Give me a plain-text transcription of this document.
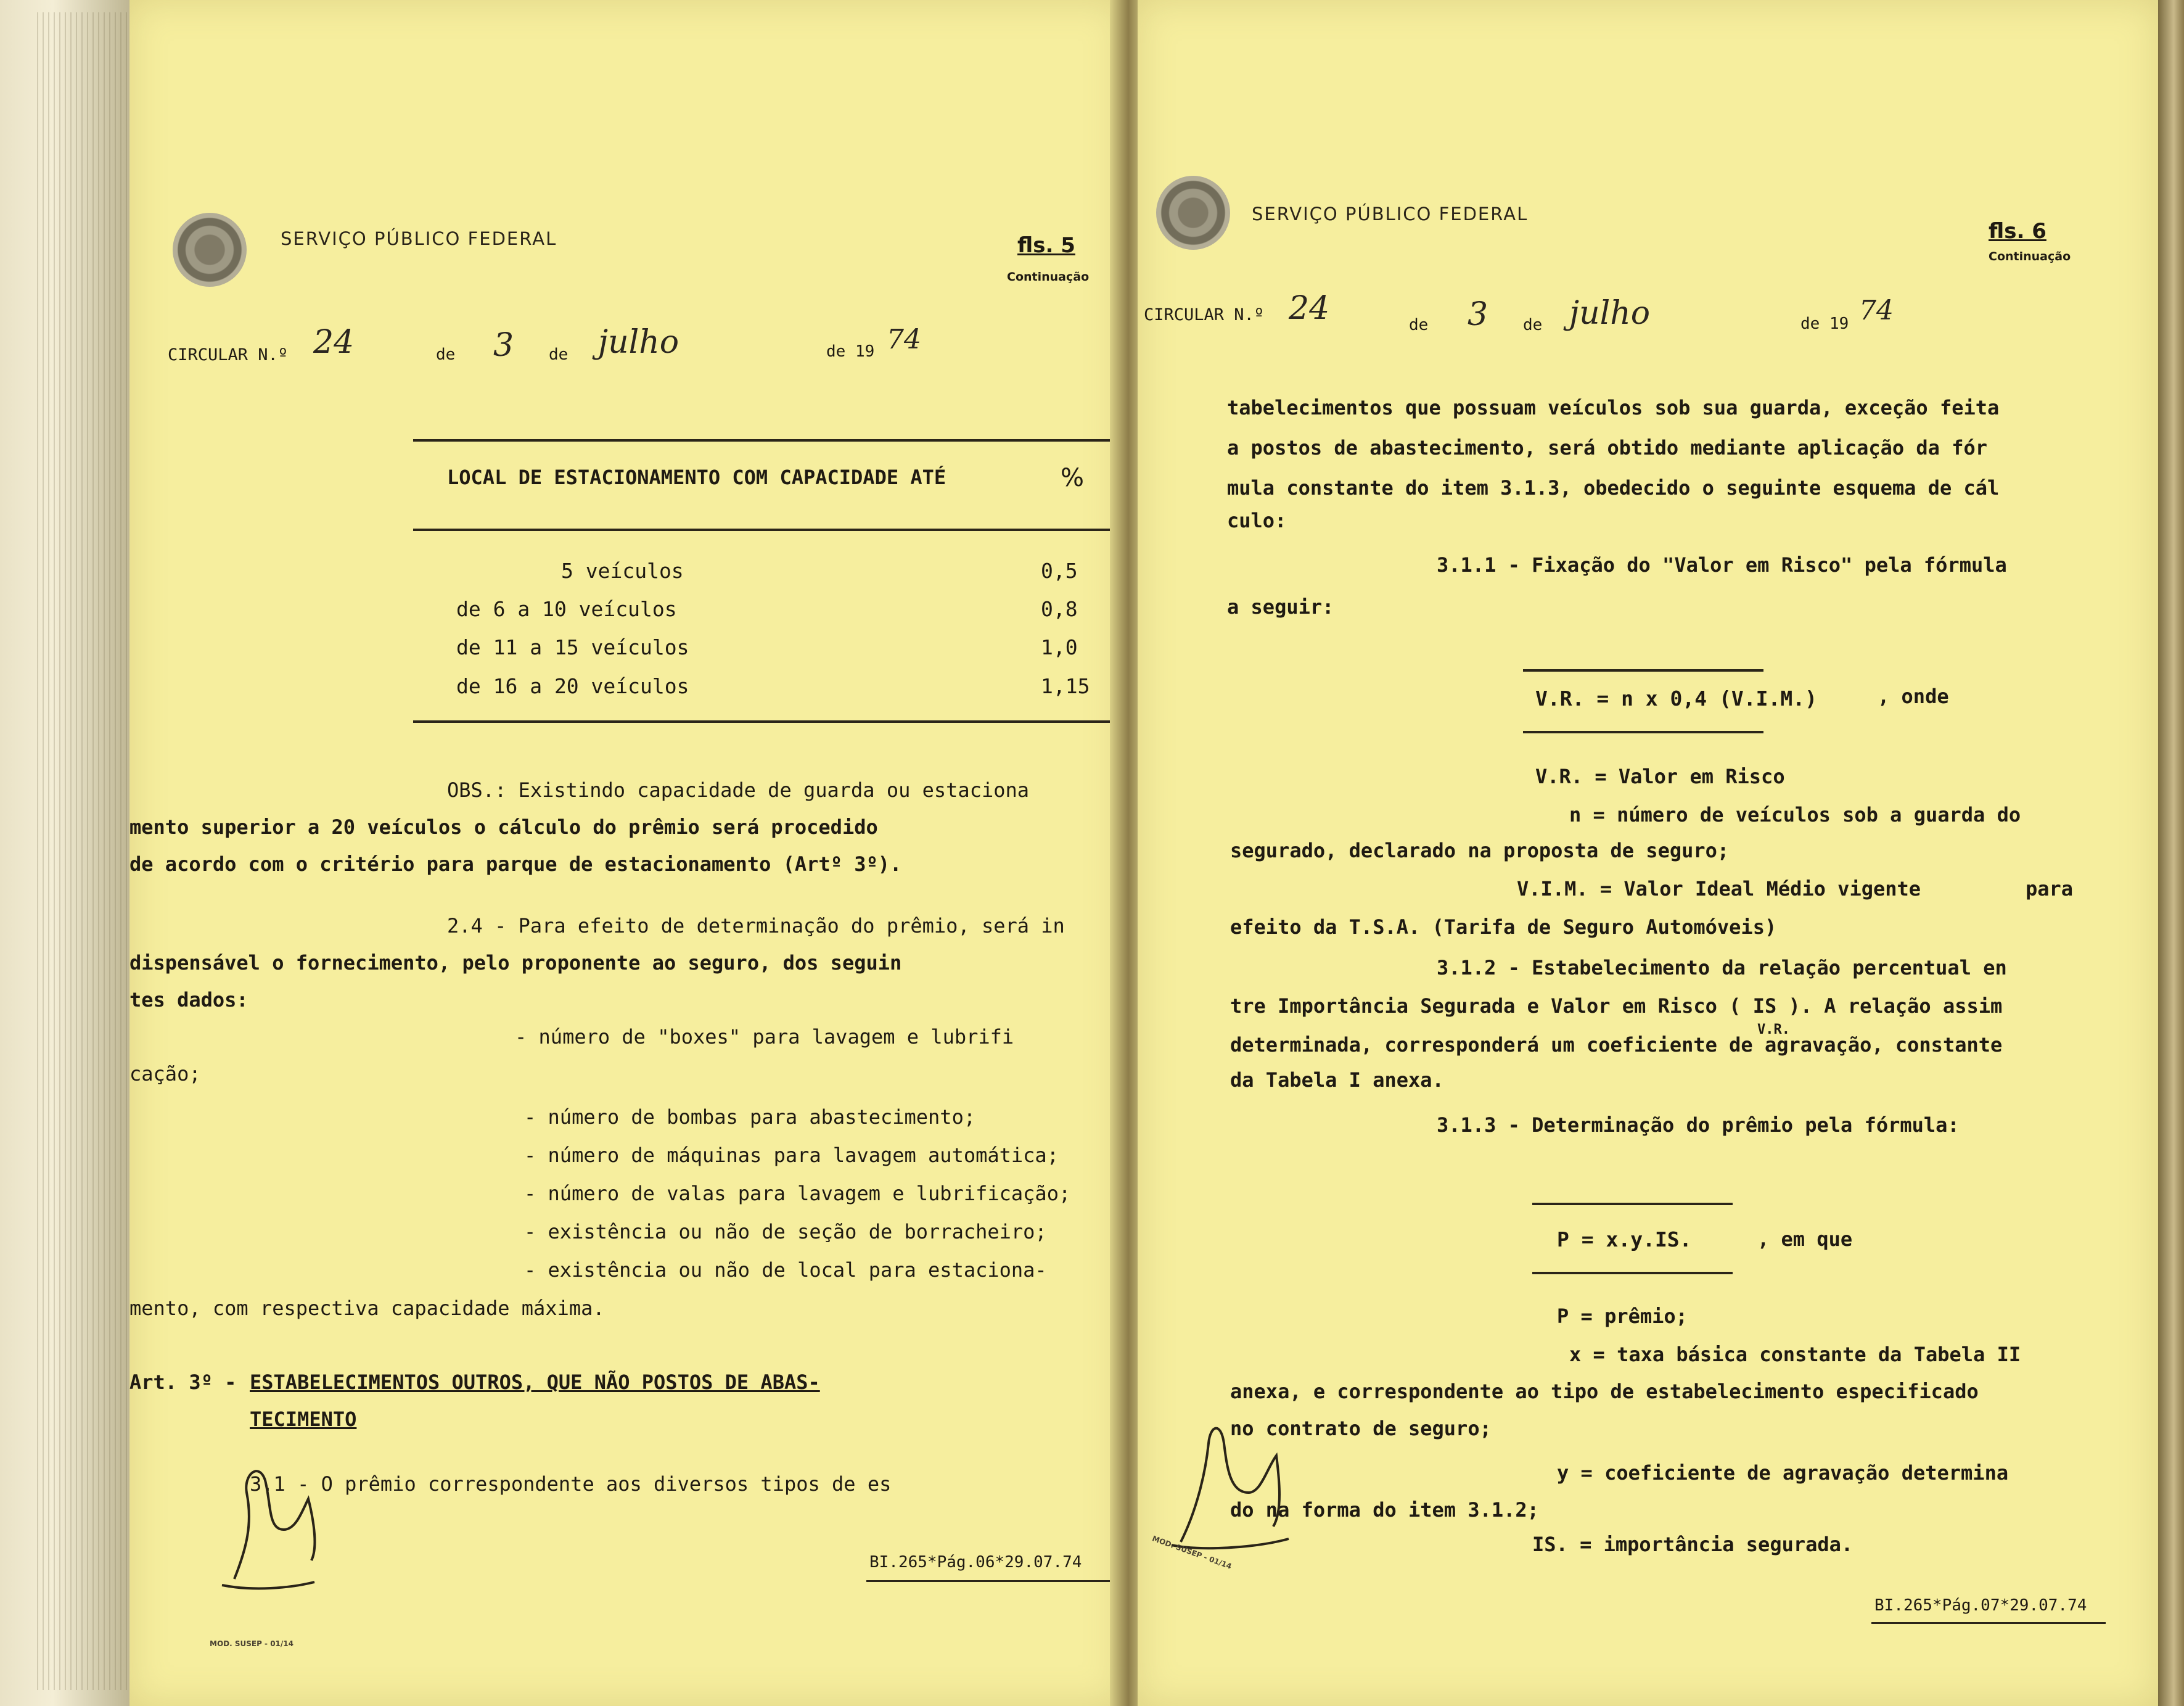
SERVIÇO PÚBLICO FEDERAL	fls. 5
Continuação
CIRCULAR N.º 24	de 3 de julho	de 19 74
LOCAL DE ESTACIONAMENTO COM CAPACIDADE ATÉ	%
5 veículos	0,5
de 6 a 10 veículos	0,8
de 11 a 15 veículos	1,0
de 16 a 20 veículos	1,15
OBS.: Existindo capacidade de guarda ou estaciona
mento superior a 20 veículos o cálculo do prêmio será procedido
de acordo com o critério para parque de estacionamento (Artº 3º).
2.4 - Para efeito de determinação do prêmio, será in
dispensável o fornecimento, pelo proponente ao seguro, dos seguin
tes dados:
- número de "boxes" para lavagem e lubrifi
cação;
- número de bombas para abastecimento;
- número de máquinas para lavagem automática;
- número de valas para lavagem e lubrificação;
- existência ou não de seção de borracheiro;
- existência ou não de local para estaciona-
mento, com respectiva capacidade máxima.
Art. 3º - ESTABELECIMENTOS OUTROS, QUE NÃO POSTOS DE ABAS-
TECIMENTO
3.1 - O prêmio correspondente aos diversos tipos de es
BI.265*Pág.06*29.07.74
MOD. SUSEP - 01/14
SERVIÇO PÚBLICO FEDERAL
fls. 6
Continuação
CIRCULAR N.º 24	de 3 de julho	de 19 74
tabelecimentos que possuam veículos sob sua guarda, exceção feita
a postos de abastecimento, será obtido mediante aplicação da fór
mula constante do item 3.1.3, obedecido o seguinte esquema de cál
culo:
3.1.1 - Fixação do "Valor em Risco" pela fórmula
a seguir:
V.R. = n x 0,4 (V.I.M.)	, onde
V.R. = Valor em Risco
n = número de veículos sob a guarda do
segurado, declarado na proposta de seguro;
V.I.M. = Valor Ideal Médio vigente	para
efeito da T.S.A. (Tarifa de Seguro Automóveis)
3.1.2 - Estabelecimento da relação percentual en
tre Importância Segurada e Valor em Risco ( IS ). A relação assim
V.R.
determinada, corresponderá um coeficiente de agravação, constante
da Tabela I anexa.
3.1.3 - Determinação do prêmio pela fórmula:
P = x.y.IS.	, em que
P = prêmio;
x = taxa básica constante da Tabela II
anexa, e correspondente ao tipo de estabelecimento especificado
no contrato de seguro;
y = coeficiente de agravação determina
do na forma do item 3.1.2;
IS. = importância segurada.
BI.265*Pág.07*29.07.74
MOD. SUSEP - 01/14
